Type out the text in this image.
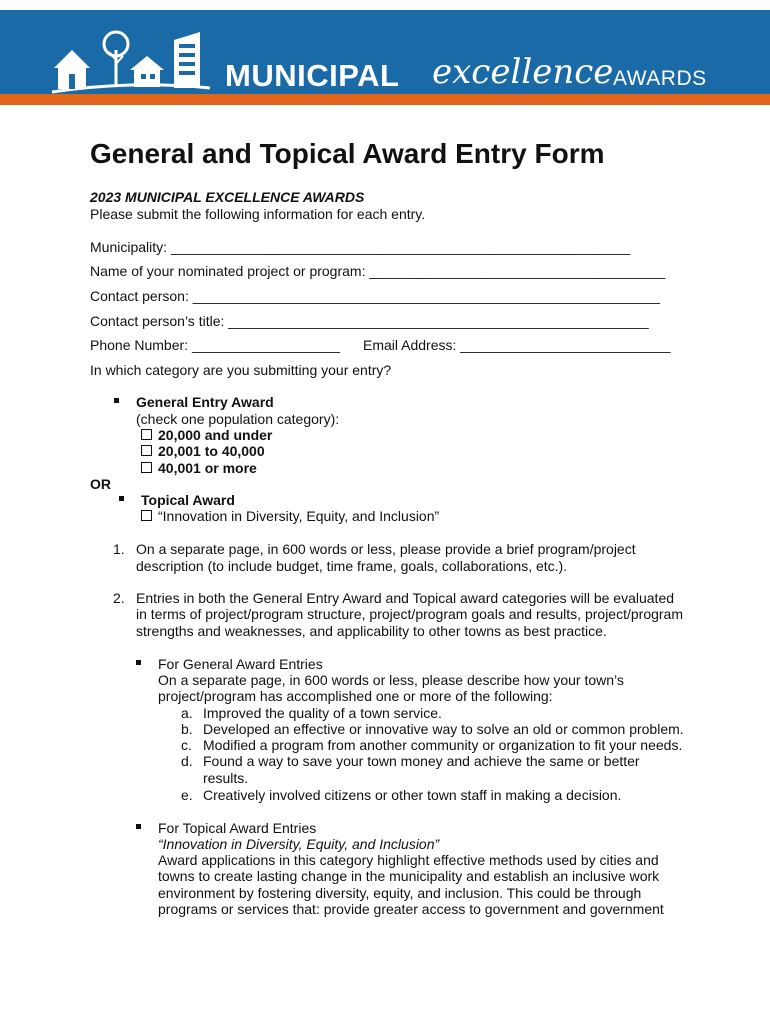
MUNICIPAL excellence AWARDS
General and Topical Award Entry Form
2023 MUNICIPAL EXCELLENCE AWARDS
Please submit the following information for each entry.
Municipality: ___________________________________________________________
Name of your nominated project or program: ______________________________________
Contact person: ____________________________________________________________
Contact person’s title: ______________________________________________________
Phone Number: ___________________ Email Address: ___________________________
In which category are you submitting your entry?
General Entry Award
(check one population category):
20,000 and under
20,001 to 40,000
40,001 or more
OR
Topical Award
“Innovation in Diversity, Equity, and Inclusion”
1. On a separate page, in 600 words or less, please provide a brief program/project
description (to include budget, time frame, goals, collaborations, etc.).
2. Entries in both the General Entry Award and Topical award categories will be evaluated
in terms of project/program structure, project/program goals and results, project/program
strengths and weaknesses, and applicability to other towns as best practice.
For General Award Entries
On a separate page, in 600 words or less, please describe how your town’s
project/program has accomplished one or more of the following:
a. Improved the quality of a town service.
b. Developed an effective or innovative way to solve an old or common problem.
c. Modified a program from another community or organization to fit your needs.
d. Found a way to save your town money and achieve the same or better
results.
e. Creatively involved citizens or other town staff in making a decision.
For Topical Award Entries
“Innovation in Diversity, Equity, and Inclusion”
Award applications in this category highlight effective methods used by cities and
towns to create lasting change in the municipality and establish an inclusive work
environment by fostering diversity, equity, and inclusion. This could be through
programs or services that: provide greater access to government and government
